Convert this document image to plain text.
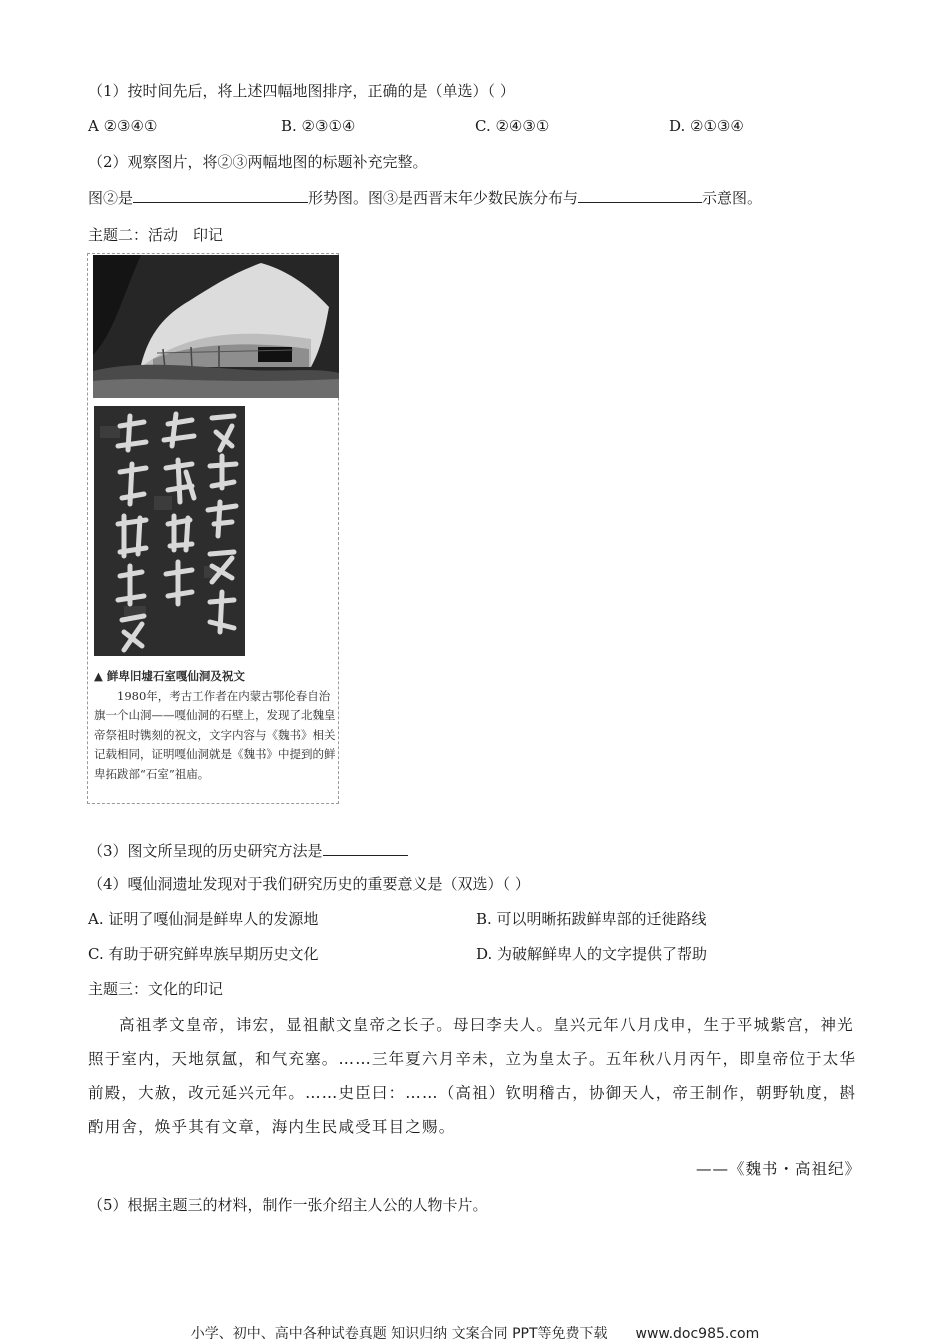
（1）按时间先后，将上述四幅地图排序，正确的是（单选）（ ）
A ②③④①	B. ②③①④	C. ②④③①	D. ②①③④
（2）观察图片，将②③两幅地图的标题补充完整。
图②是	形势图。图③是西晋末年少数民族分布与	示意图。
主题二：活动　印记
▲ 鲜卑旧墟石室嘎仙洞及祝文
1980年，考古工作者在内蒙古鄂伦春自治旗一个山洞——嘎仙洞的石壁上，发现了北魏皇帝祭祖时镌刻的祝文，文字内容与《魏书》相关记载相同，证明嘎仙洞就是《魏书》中提到的鲜卑拓跋部“石室”祖庙。
（3）图文所呈现的历史研究方法是
（4）嘎仙洞遗址发现对于我们研究历史的重要意义是（双选）（ ）
A. 证明了嘎仙洞是鲜卑人的发源地	B. 可以明晰拓跋鲜卑部的迁徙路线
C. 有助于研究鲜卑族早期历史文化	D. 为破解鲜卑人的文字提供了帮助
主题三：文化的印记
高祖孝文皇帝，讳宏，显祖献文皇帝之长子。母曰李夫人。皇兴元年八月戊申，生于平城紫宫，神光照于室内，天地氛氲，和气充塞。……三年夏六月辛未，立为皇太子。五年秋八月丙午，即皇帝位于太华前殿，大赦，改元延兴元年。……史臣曰：……（高祖）钦明稽古，协御天人，帝王制作，朝野轨度，斟酌用舍，焕乎其有文章，海内生民咸受耳目之赐。
——《魏书・高祖纪》
（5）根据主题三的材料，制作一张介绍主人公的人物卡片。
小学、初中、高中各种试卷真题 知识归纳 文案合同 PPT等免费下载　　www.doc985.com
